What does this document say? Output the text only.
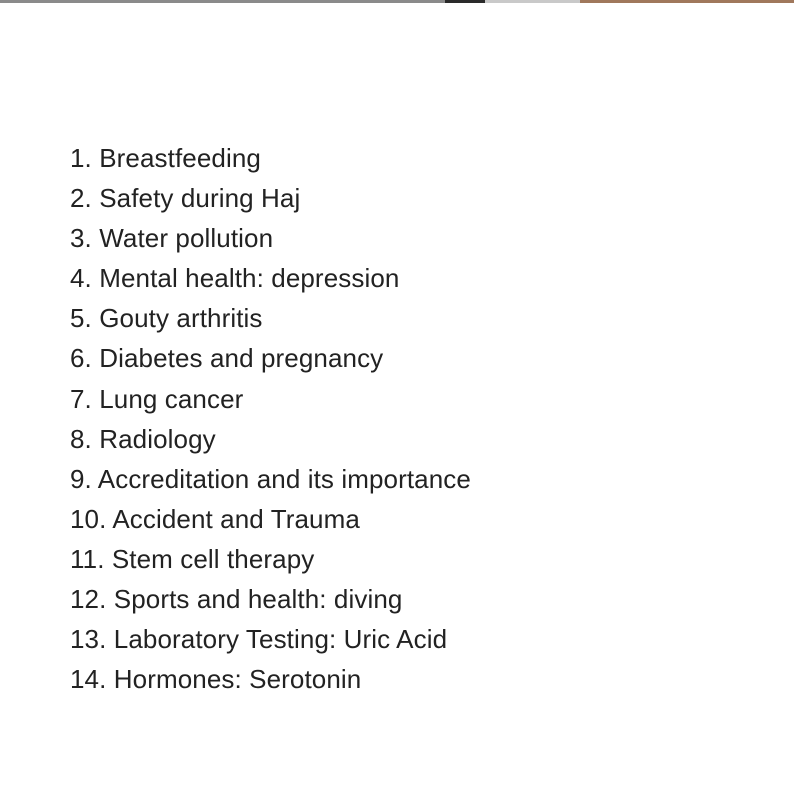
1. Breastfeeding
2. Safety during Haj
3. Water pollution
4. Mental health: depression
5. Gouty arthritis
6. Diabetes and pregnancy
7. Lung cancer
8. Radiology
9. Accreditation and its importance
10. Accident and Trauma
11. Stem cell therapy
12. Sports and health: diving
13. Laboratory Testing: Uric Acid
14. Hormones: Serotonin
